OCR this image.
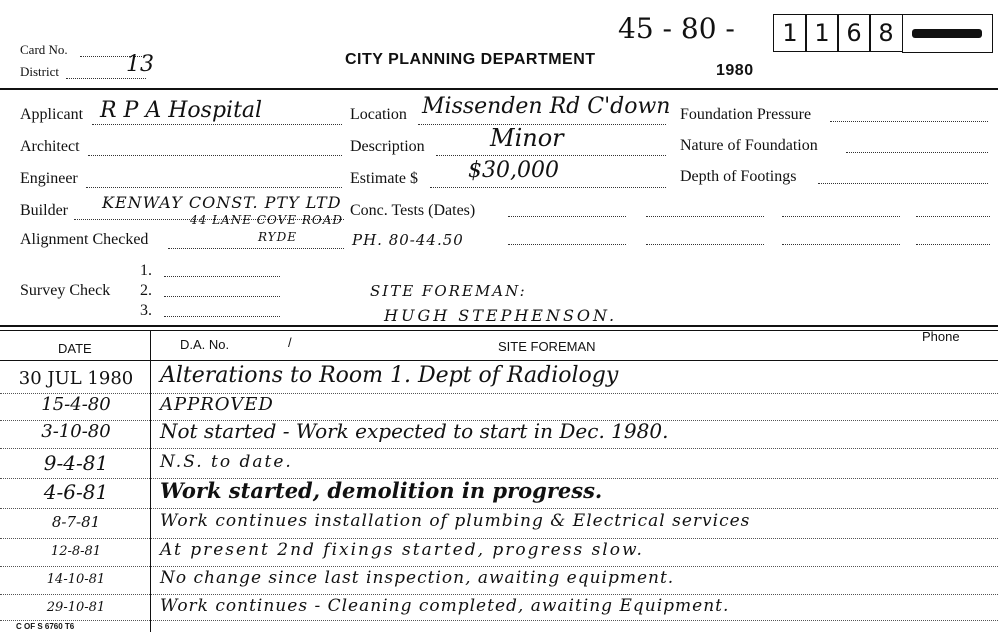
Card No.
District	13	CITY PLANNING DEPARTMENT
1980
45 - 80 -	1 1 6 8
Applicant R P A Hospital
Architect
Engineer
Builder KENWAY CONST. PTY LTD
44 LANE COVE ROAD
RYDE
Alignment Checked
1.
Survey Check 2.
3.
Location Missenden Rd C'down
Description	Minor
Estimate $ $30,000
Conc. Tests (Dates)
PH. 80-44.50
SITE FOREMAN:
HUGH STEPHENSON.
Foundation Pressure
Nature of Foundation
Depth of Footings
DATE	D.A. No.	/	SITE FOREMAN
Phone
30 JUL 1980	Alterations to Room 1. Dept of Radiology
15-4-80	APPROVED
3-10-80	Not started - Work expected to start in Dec. 1980.
9-4-81	N.S. to date.
4-6-81	Work started, demolition in progress.
8-7-81	Work continues installation of plumbing & Electrical services
12-8-81	At present 2nd fixings started, progress slow.
14-10-81	No change since last inspection, awaiting equipment.
29-10-81	Work continues - Cleaning completed, awaiting Equipment.
C OF S 6760 T6
